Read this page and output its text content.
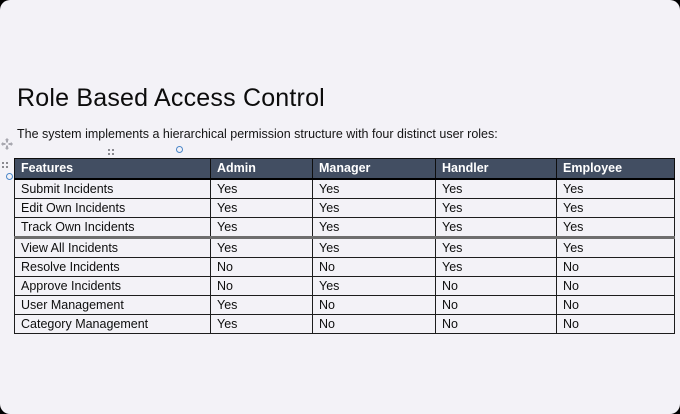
Role Based Access Control

The system implements a hierarchical permission structure with four distinct user roles:

Features	Admin	Manager	Handler	Employee
Submit Incidents	Yes	Yes	Yes	Yes
Edit Own Incidents	Yes	Yes	Yes	Yes
Track Own Incidents	Yes	Yes	Yes	Yes
View All Incidents	Yes	Yes	Yes	Yes
Resolve Incidents	No	No	Yes	No
Approve Incidents	No	Yes	No	No
User Management	Yes	No	No	No
Category Management	Yes	No	No	No
